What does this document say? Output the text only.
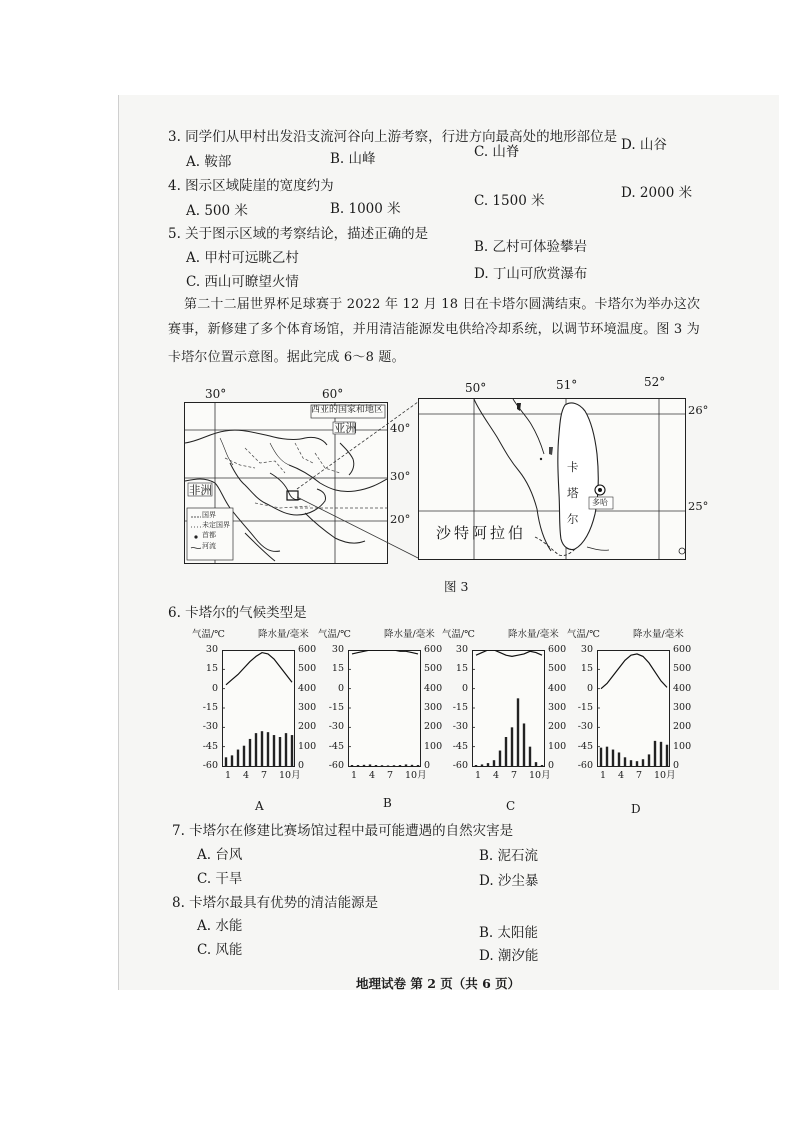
3. 同学们从甲村出发沿支流河谷向上游考察，行进方向最高处的地形部位是
A. 鞍部	B. 山峰	C. 山脊	D. 山谷
4. 图示区域陡崖的宽度约为
A. 500 米	B. 1000 米	C. 1500 米	D. 2000 米
5. 关于图示区域的考察结论，描述正确的是
A. 甲村可远眺乙村
B. 乙村可体验攀岩
C. 西山可瞭望火情	D. 丁山可欣赏瀑布
第二十二届世界杯足球赛于 2022 年 12 月 18 日在卡塔尔圆满结束。卡塔尔为举办这次
赛事，新修建了多个体育场馆，并用清洁能源发电供给冷却系统，以调节环境温度。图 3 为
卡塔尔位置示意图。据此完成 6～8 题。
30°	60°
西亚的国家和地区
亚洲
非洲
国界
未定国界
首都
河流
40°
30°
20°
50°	51°	52°
卡
塔
尔
多哈
沙特阿拉伯
26°
25°
图 3
6. 卡塔尔的气候类型是
气温/℃	降水量/毫米
30
15
0
-15
-30
-45
-60
600
500
400
300
200
100
0
1 4 7 10月
A
气温/℃	降水量/毫米
30
15
0
-15
-30
-45
-60
600
500
400
300
200
100
0
1 4 7 10月
B
气温/℃	降水量/毫米
30
15
0
-15
-30
-45
-60
600
500
400
300
200
100
0
1 4 7 10月
C
气温/℃	降水量/毫米
30
15
0
-15
-30
-45
-60
600
500
400
300
200
100
0
1 4 7 10月
D
7. 卡塔尔在修建比赛场馆过程中最可能遭遇的自然灾害是
A. 台风	B. 泥石流
C. 干旱	D. 沙尘暴
8. 卡塔尔最具有优势的清洁能源是
A. 水能	B. 太阳能
C. 风能	D. 潮汐能
地理试卷 第 2 页（共 6 页）
